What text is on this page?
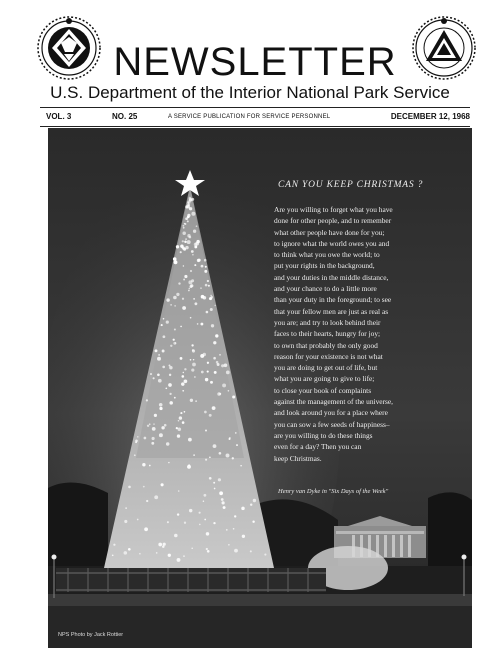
NEWSLETTER
U.S. Department of the Interior National Park Service
VOL. 3	NO. 25	A SERVICE PUBLICATION FOR SERVICE PERSONNEL	DECEMBER 12, 1968
CAN YOU KEEP CHRISTMAS ?
Are you willing to forget what you have
done for other people, and to remember
what other people have done for you;
to ignore what the world owes you and
to think what you owe the world; to
put your rights in the background,
and your duties in the middle distance,
and your chance to do a little more
than your duty in the foreground; to see
that your fellow men are just as real as
you are; and try to look behind their
faces to their hearts, hungry for joy;
to own that probably the only good
reason for your existence is not what
you are doing to get out of life, but
what you are going to give to life;
to close your book of complaints
against the management of the universe,
and look around you for a place where
you can sow a few seeds of happiness–
are you willing to do these things
even for a day? Then you can
keep Christmas.
Henry van Dyke in "Six Days of the Week"
NPS Photo by Jack Rottier
